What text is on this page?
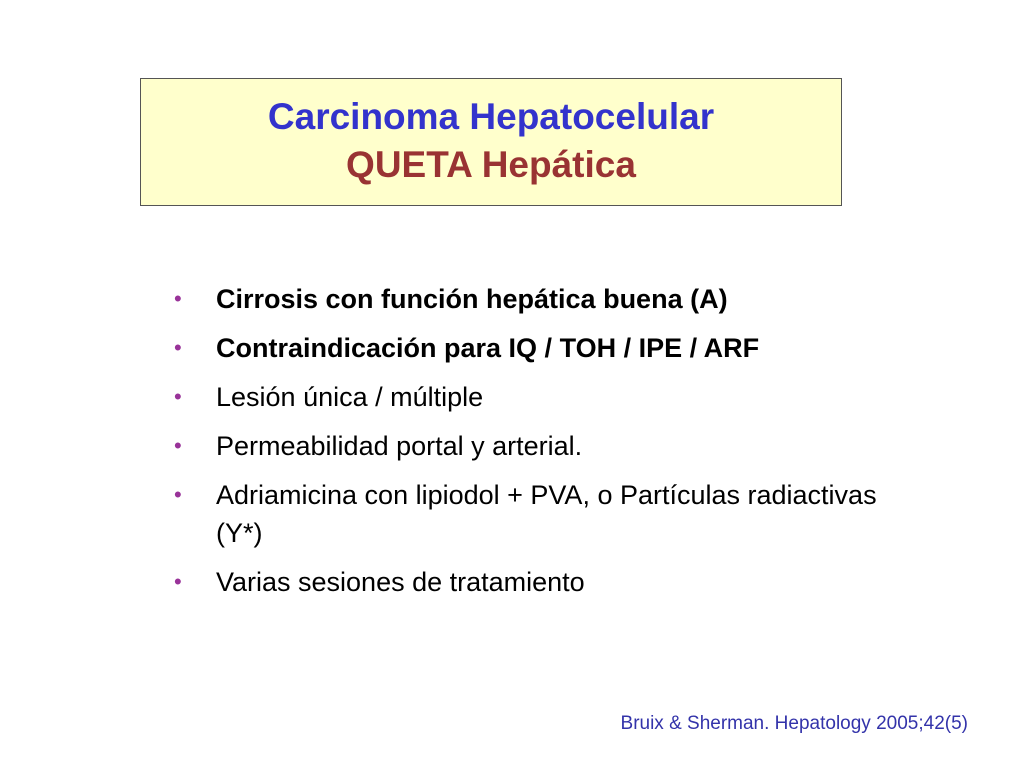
Carcinoma Hepatocelular
QUETA Hepática
• Cirrosis con función hepática buena (A)
• Contraindicación para IQ / TOH / IPE / ARF
• Lesión única / múltiple
• Permeabilidad portal y arterial.
• Adriamicina con lipiodol + PVA, o Partículas radiactivas (Y*)
• Varias sesiones de tratamiento
Bruix & Sherman. Hepatology 2005;42(5)
